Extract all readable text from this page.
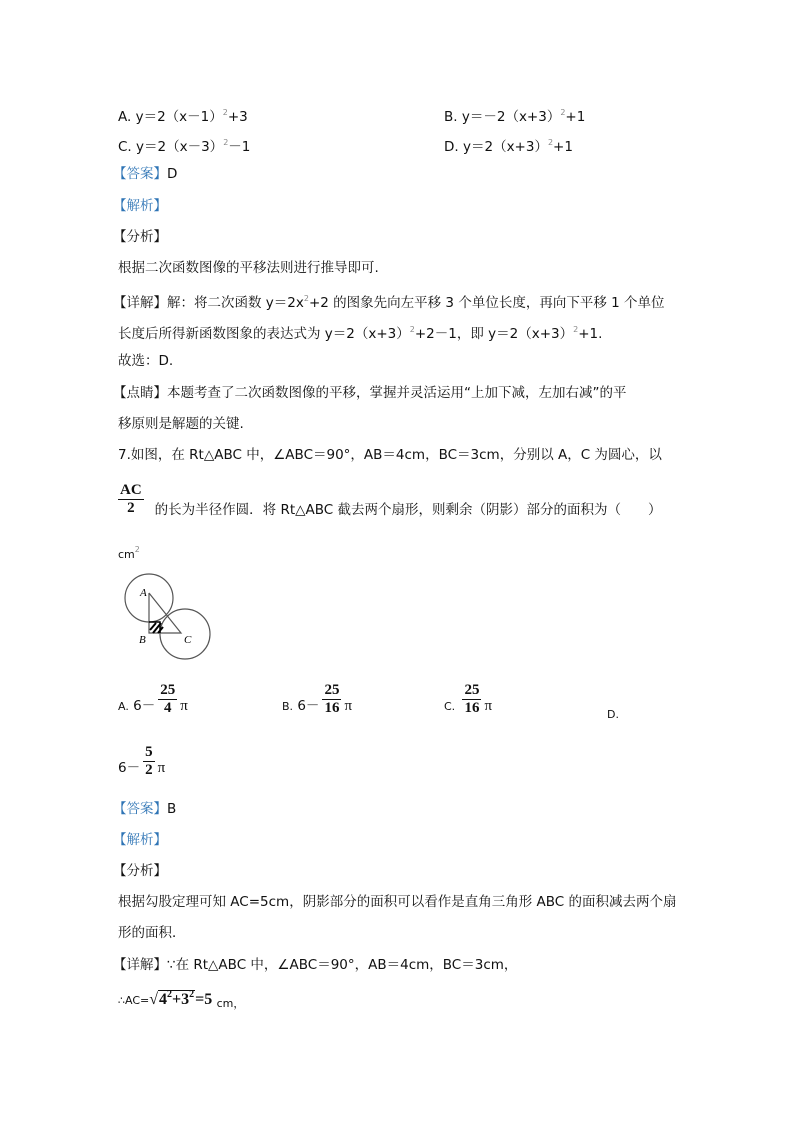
A. $y=2(x-1)^2+3$	B. $y=-2(x+3)^2+1$
C. $y=2(x-3)^2-1$	D. $y=2(x+3)^2+1$
【答案】D
【解析】
【分析】
根据二次函数图像的平移法则进行推导即可.
【详解】解：将二次函数 $y=2x^2+2$ 的图象先向左平移 3 个单位长度，再向下平移 1 个单位
长度后所得新函数图象的表达式为 $y=2(x+3)^2+2-1$，即 $y=2(x+3)^2+1$.
故选：D.
【点睛】本题考查了二次函数图像的平移，掌握并灵活运用“上加下减，左加右减”的平
移原则是解题的关键.
7.如图，在 Rt△ABC 中，∠ABC＝90°，AB＝4cm，BC＝3cm，分别以 A，C 为圆心，以
$\frac{AC}{2}$ 的长为半径作圆．将 Rt△ABC 截去两个扇形，则剩余（阴影）部分的面积为（　　）
$cm^2$
A
B	C
A. $6- \frac{25}{4}$ π	B. $6- \frac{25}{16}$ π	C. $\frac{25}{16}$ π
D.
$6- \frac{5}{2}$ π
【答案】B
【解析】
【分析】
根据勾股定理可知 AC=5cm，阴影部分的面积可以看作是直角三角形 ABC 的面积减去两个扇
形的面积．
【详解】∵在 Rt△ABC 中，∠ABC＝90°，AB＝4cm，BC＝3cm，
$\therefore AC=√4^2+3^2=5$ $_{cm,}$
